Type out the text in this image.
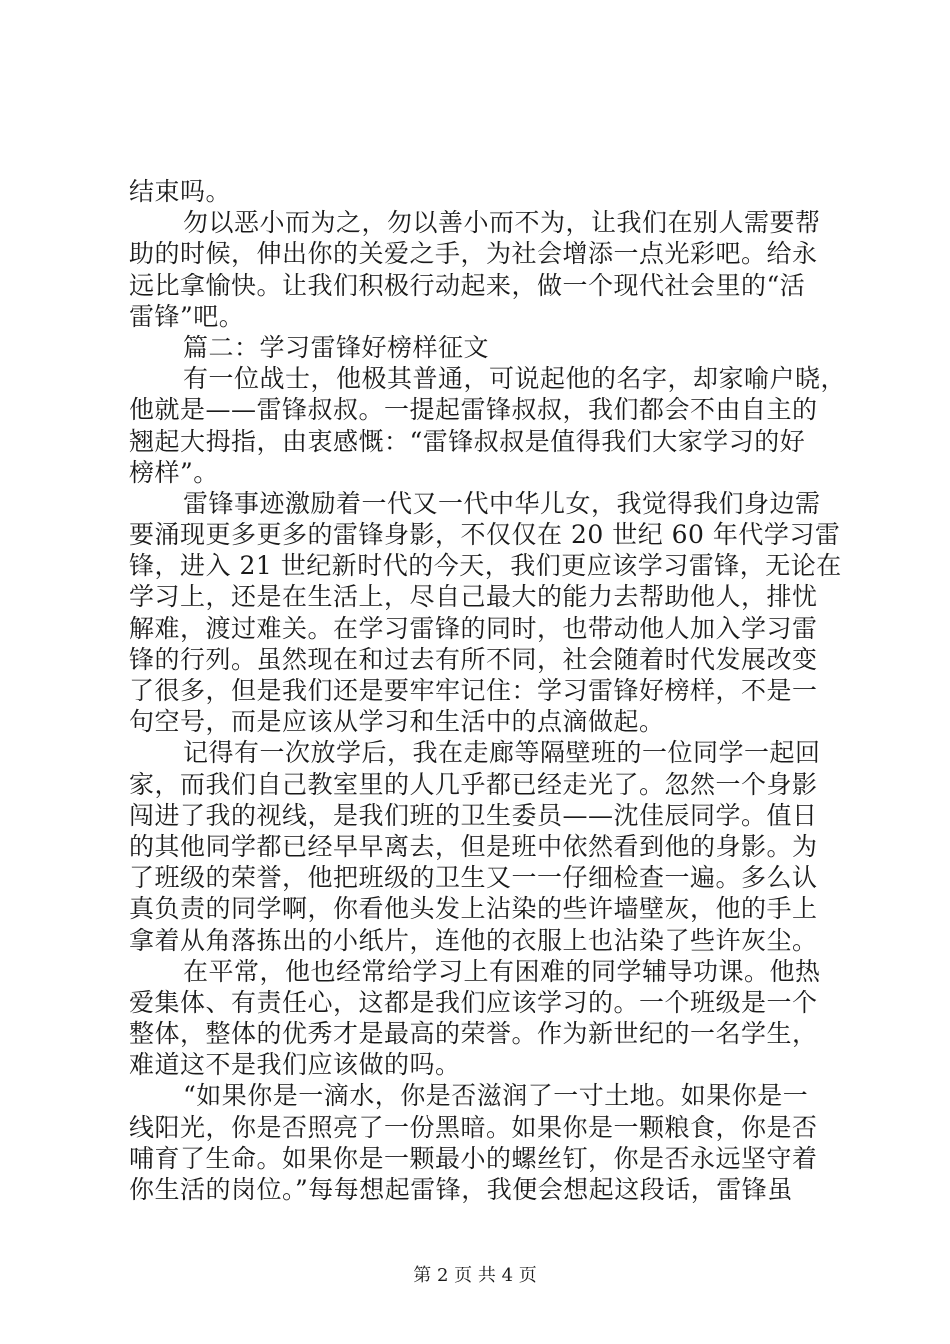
结束吗。
勿以恶小而为之，勿以善小而不为，让我们在别人需要帮
助的时候，伸出你的关爱之手，为社会增添一点光彩吧。给永
远比拿愉快。让我们积极行动起来，做一个现代社会里的“活
雷锋”吧。
篇二：学习雷锋好榜样征文
有一位战士，他极其普通，可说起他的名字，却家喻户晓，
他就是——雷锋叔叔。一提起雷锋叔叔，我们都会不由自主的
翘起大拇指，由衷感慨：“雷锋叔叔是值得我们大家学习的好
榜样”。
雷锋事迹激励着一代又一代中华儿女，我觉得我们身边需
要涌现更多更多的雷锋身影，不仅仅在 20 世纪 60 年代学习雷
锋，进入 21 世纪新时代的今天，我们更应该学习雷锋，无论在
学习上，还是在生活上，尽自己最大的能力去帮助他人，排忧
解难，渡过难关。在学习雷锋的同时，也带动他人加入学习雷
锋的行列。虽然现在和过去有所不同，社会随着时代发展改变
了很多，但是我们还是要牢牢记住：学习雷锋好榜样，不是一
句空号，而是应该从学习和生活中的点滴做起。
记得有一次放学后，我在走廊等隔壁班的一位同学一起回
家，而我们自己教室里的人几乎都已经走光了。忽然一个身影
闯进了我的视线，是我们班的卫生委员——沈佳辰同学。值日
的其他同学都已经早早离去，但是班中依然看到他的身影。为
了班级的荣誉，他把班级的卫生又一一仔细检查一遍。多么认
真负责的同学啊，你看他头发上沾染的些许墙壁灰，他的手上
拿着从角落拣出的小纸片，连他的衣服上也沾染了些许灰尘。
在平常，他也经常给学习上有困难的同学辅导功课。他热
爱集体、有责任心，这都是我们应该学习的。一个班级是一个
整体，整体的优秀才是最高的荣誉。作为新世纪的一名学生，
难道这不是我们应该做的吗。
“如果你是一滴水，你是否滋润了一寸土地。如果你是一
线阳光，你是否照亮了一份黑暗。如果你是一颗粮食，你是否
哺育了生命。如果你是一颗最小的螺丝钉，你是否永远坚守着
你生活的岗位。”每每想起雷锋，我便会想起这段话，雷锋虽
第 2 页 共 4 页
